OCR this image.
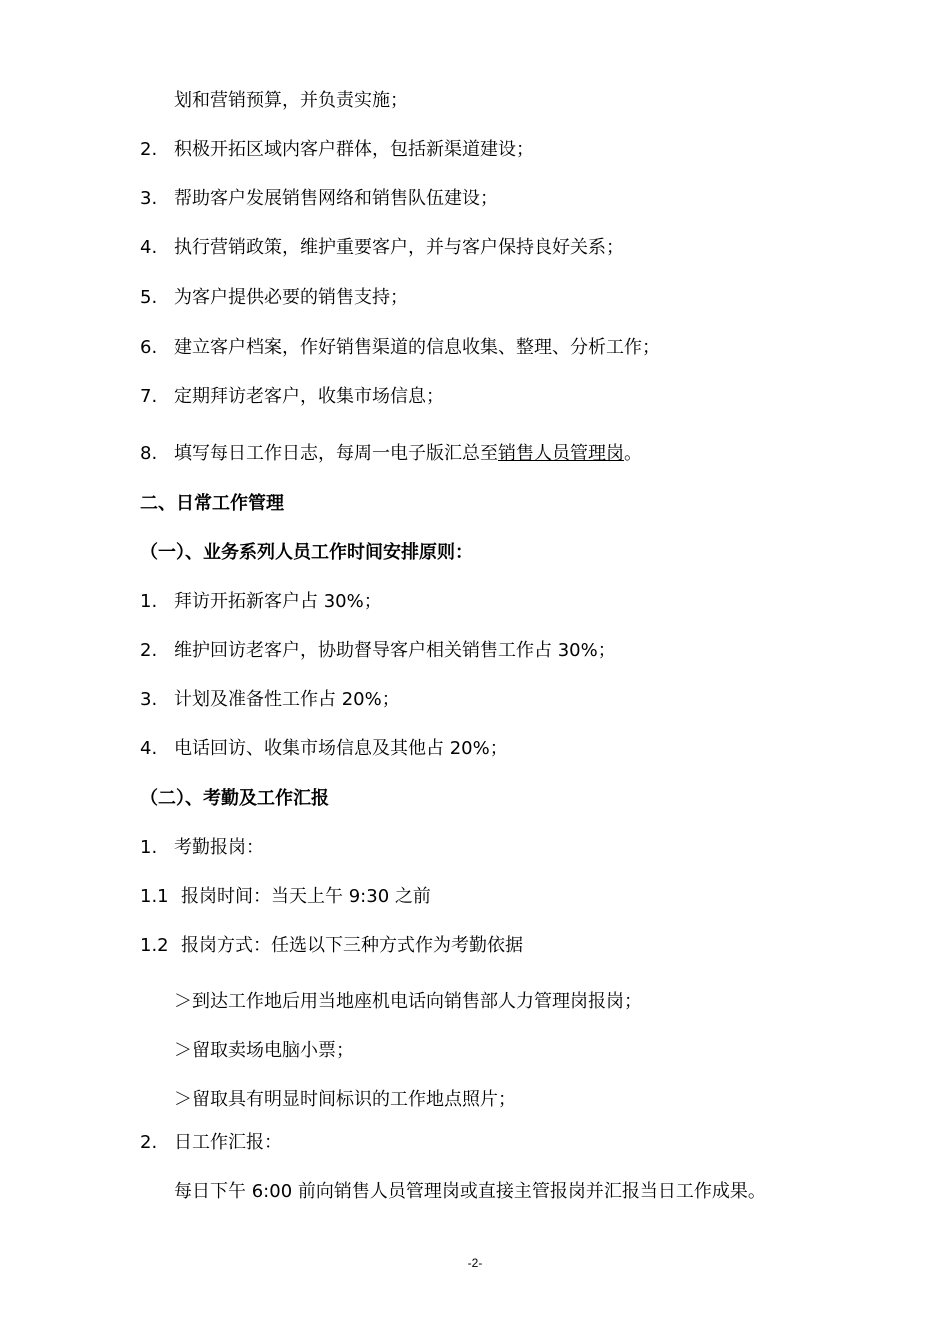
划和营销预算，并负责实施；
2. 积极开拓区域内客户群体，包括新渠道建设；
3. 帮助客户发展销售网络和销售队伍建设；
4. 执行营销政策，维护重要客户，并与客户保持良好关系；
5. 为客户提供必要的销售支持；
6. 建立客户档案，作好销售渠道的信息收集、整理、分析工作；
7. 定期拜访老客户，收集市场信息；
8. 填写每日工作日志，每周一电子版汇总至销售人员管理岗。
二、日常工作管理
（一）、业务系列人员工作时间安排原则：
1. 拜访开拓新客户占 30%；
2. 维护回访老客户，协助督导客户相关销售工作占 30%；
3. 计划及准备性工作占 20%；
4. 电话回访、收集市场信息及其他占 20%；
（二）、考勤及工作汇报
1. 考勤报岗：
1.1 报岗时间：当天上午 9:30 之前
1.2 报岗方式：任选以下三种方式作为考勤依据
＞到达工作地后用当地座机电话向销售部人力管理岗报岗；
＞留取卖场电脑小票；
＞留取具有明显时间标识的工作地点照片；
2. 日工作汇报：
每日下午 6:00 前向销售人员管理岗或直接主管报岗并汇报当日工作成果。
-2-
